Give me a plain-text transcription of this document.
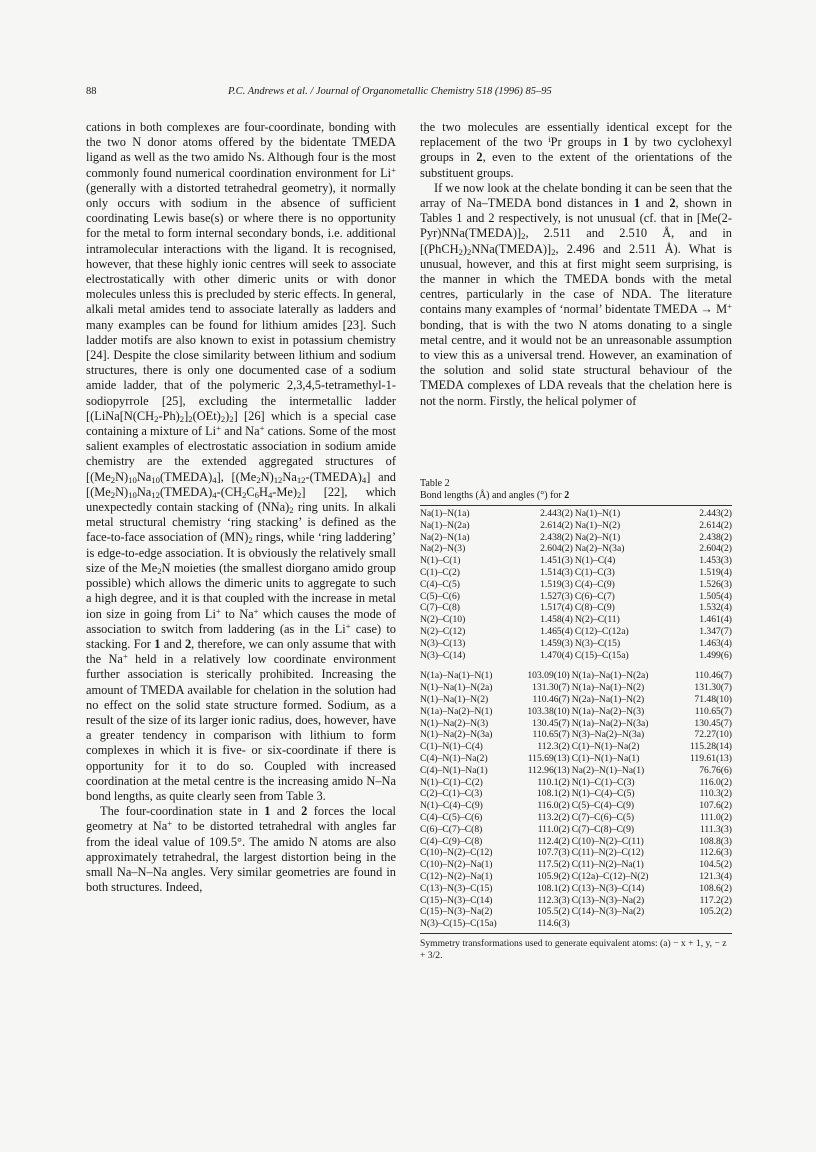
88	P.C. Andrews et al. / Journal of Organometallic Chemistry 518 (1996) 85–95

cations in both complexes are four-coordinate, bonding with the two N donor atoms offered by the bidentate TMEDA ligand as well as the two amido Ns. Although four is the most commonly found numerical coordination environment for Li+ (generally with a distorted tetrahedral geometry), it normally only occurs with sodium in the absence of sufficient coordinating Lewis base(s) or where there is no opportunity for the metal to form internal secondary bonds, i.e. additional intramolecular interactions with the ligand. It is recognised, however, that these highly ionic centres will seek to associate electrostatically with other dimeric units or with donor molecules unless this is precluded by steric effects. In general, alkali metal amides tend to associate laterally as ladders and many examples can be found for lithium amides [23]. Such ladder motifs are also known to exist in potassium chemistry [24]. Despite the close similarity between lithium and sodium structures, there is only one documented case of a sodium amide ladder, that of the polymeric 2,3,4,5-tetramethyl-1-sodiopyrrole [25], excluding the intermetallic ladder $[(LiNa[N(CH_2-Ph)_2]_2(OEt)_2)_2]$ [26] which is a special case containing a mixture of Li+ and Na+ cations. Some of the most salient examples of electrostatic association in sodium amide chemistry are the extended aggregated structures of $[(Me_2N)_{10}Na_{10}(TMEDA)_4]$, $[(Me_2N)_{12}Na_{12}-(TMEDA)_4]$ and $[(Me_2N)_{10}Na_{12}(TMEDA)_4-(CH_2C_6H_4-Me)_2]$ [22], which unexpectedly contain stacking of $(NNa)_2$ ring units. In alkali metal structural chemistry ‘ring stacking’ is defined as the face-to-face association of $(MN)_2$ rings, while ‘ring laddering’ is edge-to-edge association. It is obviously the relatively small size of the $Me_2N$ moieties (the smallest diorgano amido group possible) which allows the dimeric units to aggregate to such a high degree, and it is that coupled with the increase in metal ion size in going from Li+ to Na+ which causes the mode of association to switch from laddering (as in the Li+ case) to stacking. For 1 and 2, therefore, we can only assume that with the Na+ held in a relatively low coordinate environment further association is sterically prohibited. Increasing the amount of TMEDA available for chelation in the solution had no effect on the solid state structure formed. Sodium, as a result of the size of its larger ionic radius, does, however, have a greater tendency in comparison with lithium to form complexes in which it is five- or six-coordinate if there is opportunity for it to do so. Coupled with increased coordination at the metal centre is the increasing amido N–Na bond lengths, as quite clearly seen from Table 3.

The four-coordination state in 1 and 2 forces the local geometry at Na+ to be distorted tetrahedral with angles far from the ideal value of 109.5°. The amido N atoms are also approximately tetrahedral, the largest distortion being in the small Na–N–Na angles. Very similar geometries are found in both structures. Indeed,

the two molecules are essentially identical except for the replacement of the two $^i$Pr groups in 1 by two cyclohexyl groups in 2, even to the extent of the orientations of the substituent groups.

If we now look at the chelate bonding it can be seen that the array of Na–TMEDA bond distances in 1 and 2, shown in Tables 1 and 2 respectively, is not unusual (cf. that in $[Me(2-Pyr)NNa(TMEDA)]_2$, 2.511 and 2.510 Å, and in $[(PhCH_2)_2NNa(TMEDA)]_2$, 2.496 and 2.511 Å). What is unusual, however, and this at first might seem surprising, is the manner in which the TMEDA bonds with the metal centres, particularly in the case of NDA. The literature contains many examples of ‘normal’ bidentate TMEDA → M+ bonding, that is with the two N atoms donating to a single metal centre, and it would not be an unreasonable assumption to view this as a universal trend. However, an examination of the solution and solid state structural behaviour of the TMEDA complexes of LDA reveals that the chelation here is not the norm. Firstly, the helical polymer of

Table 2
Bond lengths (Å) and angles (°) for 2
Na(1)–N(1a)	2.443(2)	Na(1)–N(1)	2.443(2)
Na(1)–N(2a)	2.614(2)	Na(1)–N(2)	2.614(2)
Na(2)–N(1a)	2.438(2)	Na(2)–N(1)	2.438(2)
Na(2)–N(3)	2.604(2)	Na(2)–N(3a)	2.604(2)
N(1)–C(1)	1.451(3)	N(1)–C(4)	1.453(3)
C(1)–C(2)	1.514(3)	C(1)–C(3)	1.519(4)
C(4)–C(5)	1.519(3)	C(4)–C(9)	1.526(3)
C(5)–C(6)	1.527(3)	C(6)–C(7)	1.505(4)
C(7)–C(8)	1.517(4)	C(8)–C(9)	1.532(4)
N(2)–C(10)	1.458(4)	N(2)–C(11)	1.461(4)
N(2)–C(12)	1.465(4)	C(12)–C(12a)	1.347(7)
N(3)–C(13)	1.459(3)	N(3)–C(15)	1.463(4)
N(3)–C(14)	1.470(4)	C(15)–C(15a)	1.499(6)
N(1a)–Na(1)–N(1)	103.09(10)	N(1a)–Na(1)–N(2a)	110.46(7)
N(1)–Na(1)–N(2a)	131.30(7)	N(1a)–Na(1)–N(2)	131.30(7)
N(1)–Na(1)–N(2)	110.46(7)	N(2a)–Na(1)–N(2)	71.48(10)
N(1a)–Na(2)–N(1)	103.38(10)	N(1a)–Na(2)–N(3)	110.65(7)
N(1)–Na(2)–N(3)	130.45(7)	N(1a)–Na(2)–N(3a)	130.45(7)
N(1)–Na(2)–N(3a)	110.65(7)	N(3)–Na(2)–N(3a)	72.27(10)
C(1)–N(1)–C(4)	112.3(2)	C(1)–N(1)–Na(2)	115.28(14)
C(4)–N(1)–Na(2)	115.69(13)	C(1)–N(1)–Na(1)	119.61(13)
C(4)–N(1)–Na(1)	112.96(13)	Na(2)–N(1)–Na(1)	76.76(6)
N(1)–C(1)–C(2)	110.1(2)	N(1)–C(1)–C(3)	116.0(2)
C(2)–C(1)–C(3)	108.1(2)	N(1)–C(4)–C(5)	110.3(2)
N(1)–C(4)–C(9)	116.0(2)	C(5)–C(4)–C(9)	107.6(2)
C(4)–C(5)–C(6)	113.2(2)	C(7)–C(6)–C(5)	111.0(2)
C(6)–C(7)–C(8)	111.0(2)	C(7)–C(8)–C(9)	111.3(3)
C(4)–C(9)–C(8)	112.4(2)	C(10)–N(2)–C(11)	108.8(3)
C(10)–N(2)–C(12)	107.7(3)	C(11)–N(2)–C(12)	112.6(3)
C(10)–N(2)–Na(1)	117.5(2)	C(11)–N(2)–Na(1)	104.5(2)
C(12)–N(2)–Na(1)	105.9(2)	C(12a)–C(12)–N(2)	121.3(4)
C(13)–N(3)–C(15)	108.1(2)	C(13)–N(3)–C(14)	108.6(2)
C(15)–N(3)–C(14)	112.3(3)	C(13)–N(3)–Na(2)	117.2(2)
C(15)–N(3)–Na(2)	105.5(2)	C(14)–N(3)–Na(2)	105.2(2)
N(3)–C(15)–C(15a)	114.6(3)		
Symmetry transformations used to generate equivalent atoms: (a) − x + 1, y, − z + 3/2.
